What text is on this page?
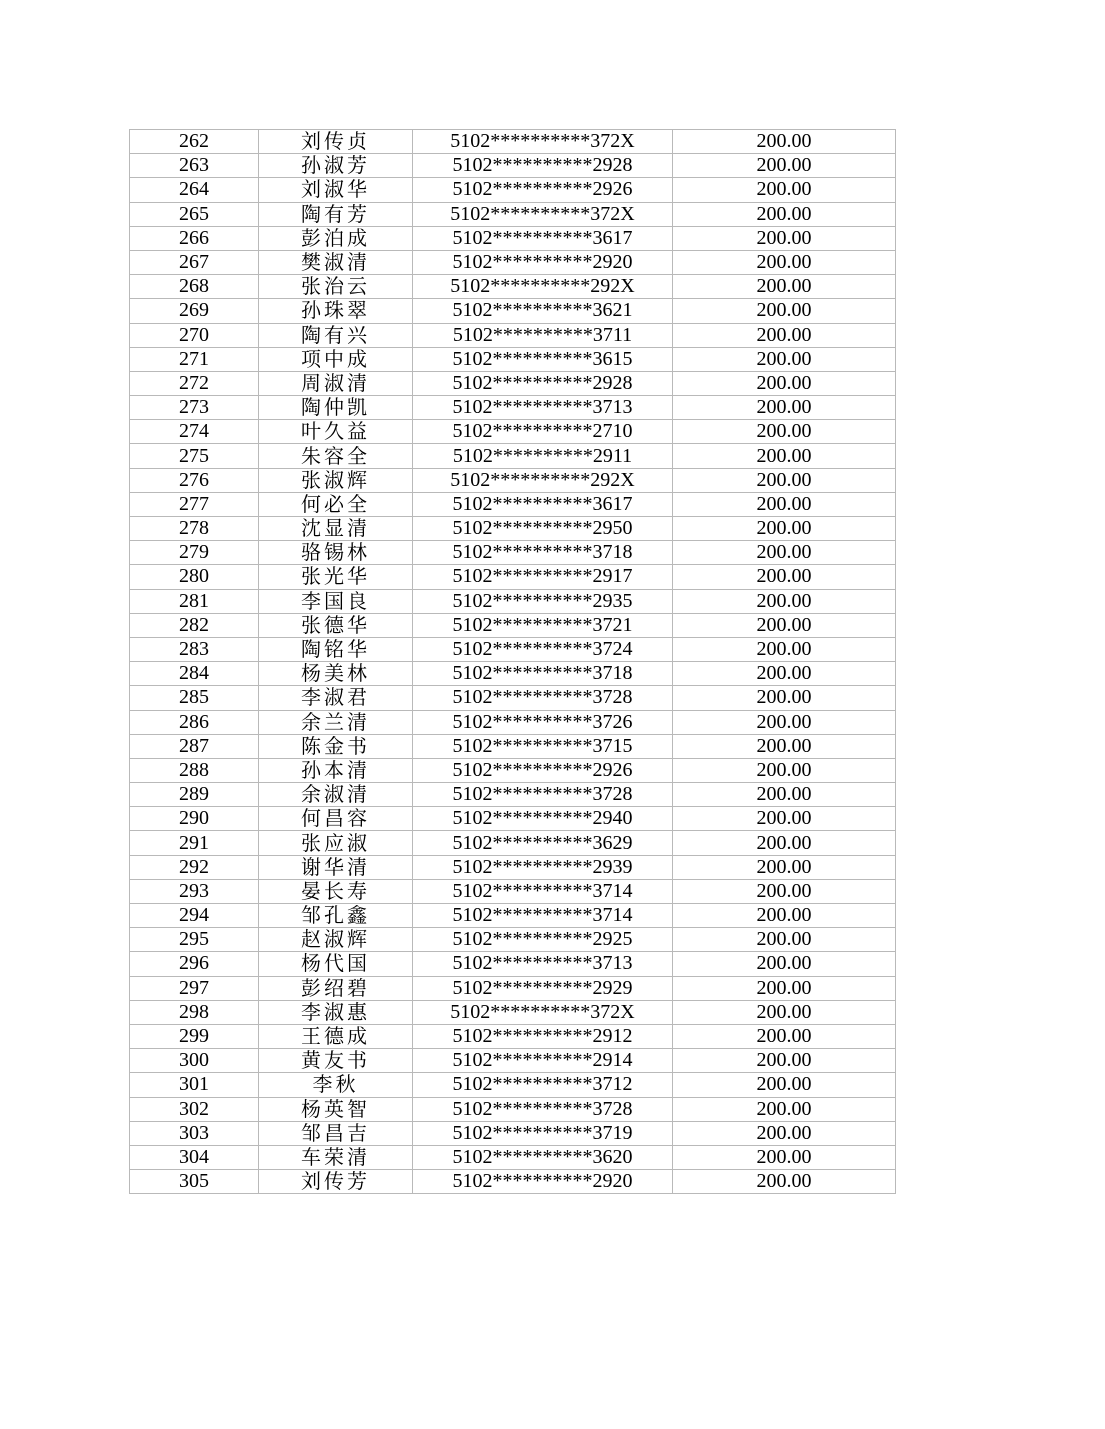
262	刘传贞	5102**********372X	200.00
263	孙淑芳	5102**********2928	200.00
264	刘淑华	5102**********2926	200.00
265	陶有芳	5102**********372X	200.00
266	彭泊成	5102**********3617	200.00
267	樊淑清	5102**********2920	200.00
268	张治云	5102**********292X	200.00
269	孙珠翠	5102**********3621	200.00
270	陶有兴	5102**********3711	200.00
271	项中成	5102**********3615	200.00
272	周淑清	5102**********2928	200.00
273	陶仲凯	5102**********3713	200.00
274	叶久益	5102**********2710	200.00
275	朱容全	5102**********2911	200.00
276	张淑辉	5102**********292X	200.00
277	何必全	5102**********3617	200.00
278	沈显清	5102**********2950	200.00
279	骆锡林	5102**********3718	200.00
280	张光华	5102**********2917	200.00
281	李国良	5102**********2935	200.00
282	张德华	5102**********3721	200.00
283	陶铭华	5102**********3724	200.00
284	杨美林	5102**********3718	200.00
285	李淑君	5102**********3728	200.00
286	余兰清	5102**********3726	200.00
287	陈金书	5102**********3715	200.00
288	孙本清	5102**********2926	200.00
289	余淑清	5102**********3728	200.00
290	何昌容	5102**********2940	200.00
291	张应淑	5102**********3629	200.00
292	谢华清	5102**********2939	200.00
293	晏长寿	5102**********3714	200.00
294	邹孔鑫	5102**********3714	200.00
295	赵淑辉	5102**********2925	200.00
296	杨代国	5102**********3713	200.00
297	彭绍碧	5102**********2929	200.00
298	李淑惠	5102**********372X	200.00
299	王德成	5102**********2912	200.00
300	黄友书	5102**********2914	200.00
301	李秋	5102**********3712	200.00
302	杨英智	5102**********3728	200.00
303	邹昌吉	5102**********3719	200.00
304	车荣清	5102**********3620	200.00
305	刘传芳	5102**********2920	200.00
